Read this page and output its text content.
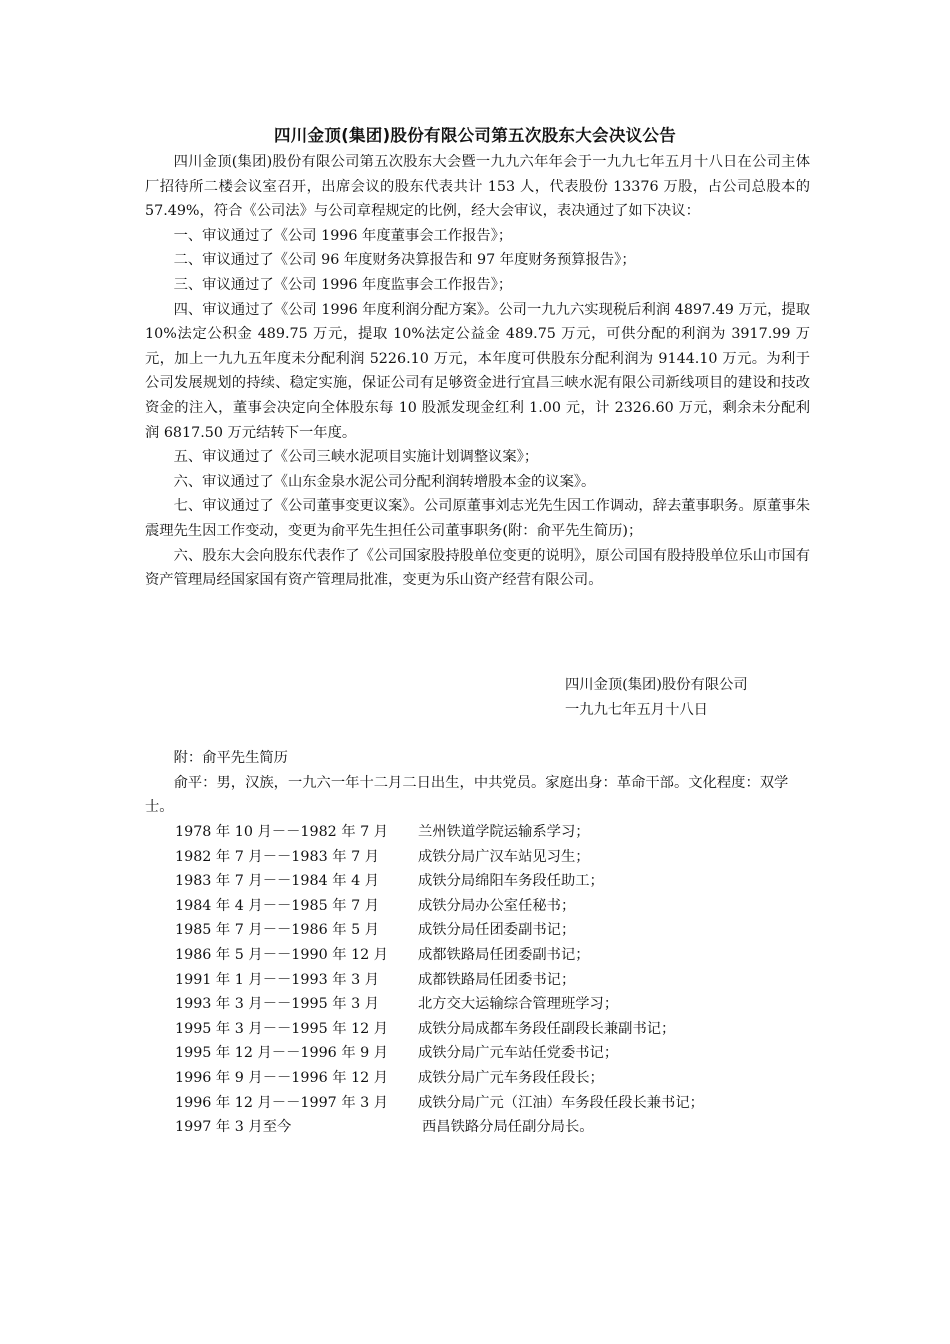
四川金顶(集团)股份有限公司第五次股东大会决议公告

四川金顶(集团)股份有限公司第五次股东大会暨一九九六年年会于一九九七年五月十八日在公司主体厂招待所二楼会议室召开，出席会议的股东代表共计 153 人，代表股份 13376 万股，占公司总股本的 57.49%，符合《公司法》与公司章程规定的比例，经大会审议，表决通过了如下决议：

一、审议通过了《公司 1996 年度董事会工作报告》；

二、审议通过了《公司 96 年度财务决算报告和 97 年度财务预算报告》；

三、审议通过了《公司 1996 年度监事会工作报告》；

四、审议通过了《公司 1996 年度利润分配方案》。公司一九九六实现税后利润 4897.49 万元，提取 10%法定公积金 489.75 万元，提取 10%法定公益金 489.75 万元，可供分配的利润为 3917.99 万元，加上一九九五年度未分配利润 5226.10 万元，本年度可供股东分配利润为 9144.10 万元。为利于公司发展规划的持续、稳定实施，保证公司有足够资金进行宜昌三峡水泥有限公司新线项目的建设和技改资金的注入，董事会决定向全体股东每 10 股派发现金红利 1.00 元，计 2326.60 万元，剩余未分配利润 6817.50 万元结转下一年度。

五、审议通过了《公司三峡水泥项目实施计划调整议案》；

六、审议通过了《山东金泉水泥公司分配利润转增股本金的议案》。

七、审议通过了《公司董事变更议案》。公司原董事刘志光先生因工作调动，辞去董事职务。原董事朱震理先生因工作变动，变更为俞平先生担任公司董事职务(附：俞平先生简历)；

六、股东大会向股东代表作了《公司国家股持股单位变更的说明》，原公司国有股持股单位乐山市国有资产管理局经国家国有资产管理局批准，变更为乐山资产经营有限公司。

四川金顶(集团)股份有限公司
一九九七年五月十八日

附：俞平先生简历

俞平：男，汉族，一九六一年十二月二日出生，中共党员。家庭出身：革命干部。文化程度：双学士。

1978 年 10 月－－1982 年 7 月 兰州铁道学院运输系学习；
1982 年 7 月－－1983 年 7 月	成铁分局广汉车站见习生；
1983 年 7 月－－1984 年 4 月	成铁分局绵阳车务段任助工；
1984 年 4 月－－1985 年 7 月	成铁分局办公室任秘书；
1985 年 7 月－－1986 年 5 月	成铁分局任团委副书记；
1986 年 5 月－－1990 年 12 月 成都铁路局任团委副书记；
1991 年 1 月－－1993 年 3 月	成都铁路局任团委书记；
1993 年 3 月－－1995 年 3 月	北方交大运输综合管理班学习；
1995 年 3 月－－1995 年 12 月 成铁分局成都车务段任副段长兼副书记；
1995 年 12 月－－1996 年 9 月 成铁分局广元车站任党委书记；
1996 年 9 月－－1996 年 12 月 成铁分局广元车务段任段长；
1996 年 12 月－－1997 年 3 月 成铁分局广元（江油）车务段任段长兼书记；
1997 年 3 月至今	西昌铁路分局任副分局长。
